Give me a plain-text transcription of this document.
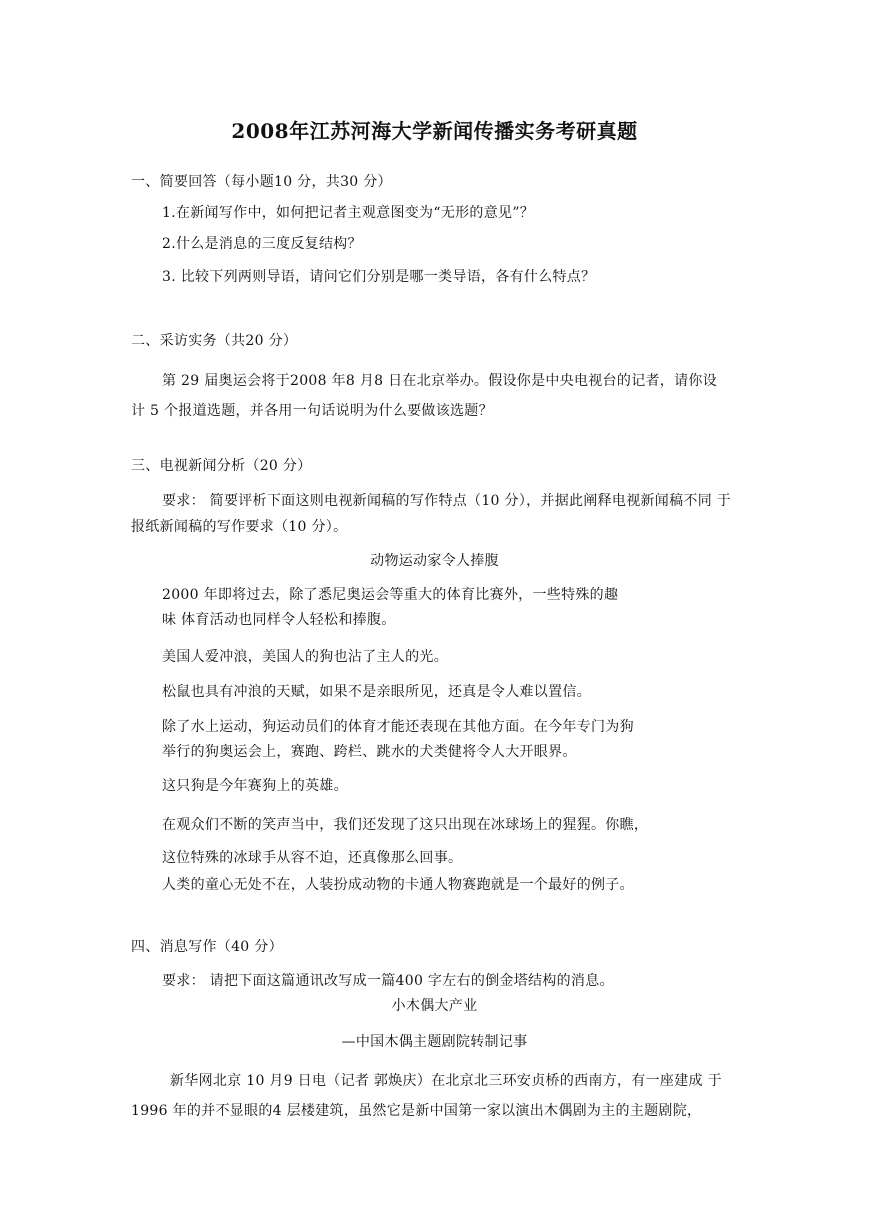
2008年江苏河海大学新闻传播实务考研真题
一、简要回答（每小题10 分，共30 分）
1.在新闻写作中，如何把记者主观意图变为“无形的意见”？
2.什么是消息的三度反复结构？
3. 比较下列两则导语，请问它们分别是哪一类导语，各有什么特点？
二、采访实务（共20 分）
第 29 届奥运会将于2008 年8 月8 日在北京举办。假设你是中央电视台的记者，请你设
计 5 个报道选题，并各用一句话说明为什么要做该选题？
三、电视新闻分析（20 分）
要求： 简要评析下面这则电视新闻稿的写作特点（10 分），并据此阐释电视新闻稿不同 于
报纸新闻稿的写作要求（10 分）。
动物运动家令人捧腹
2000 年即将过去，除了悉尼奥运会等重大的体育比赛外，一些特殊的趣
味 体育活动也同样令人轻松和捧腹。
美国人爱冲浪，美国人的狗也沾了主人的光。
松鼠也具有冲浪的天赋，如果不是亲眼所见，还真是令人难以置信。
除了水上运动，狗运动员们的体育才能还表现在其他方面。在今年专门为狗
举行的狗奥运会上，赛跑、跨栏、跳水的犬类健将令人大开眼界。
这只狗是今年赛狗上的英雄。
在观众们不断的笑声当中，我们还发现了这只出现在冰球场上的猩猩。你瞧，
这位特殊的冰球手从容不迫，还真像那么回事。
人类的童心无处不在，人装扮成动物的卡通人物赛跑就是一个最好的例子。
四、消息写作（40 分）
要求： 请把下面这篇通讯改写成一篇400 字左右的倒金塔结构的消息。
小木偶大产业
—中国木偶主题剧院转制记事
新华网北京 10 月9 日电（记者 郭焕庆）在北京北三环安贞桥的西南方，有一座建成 于
1996 年的并不显眼的4 层楼建筑，虽然它是新中国第一家以演出木偶剧为主的主题剧院，
